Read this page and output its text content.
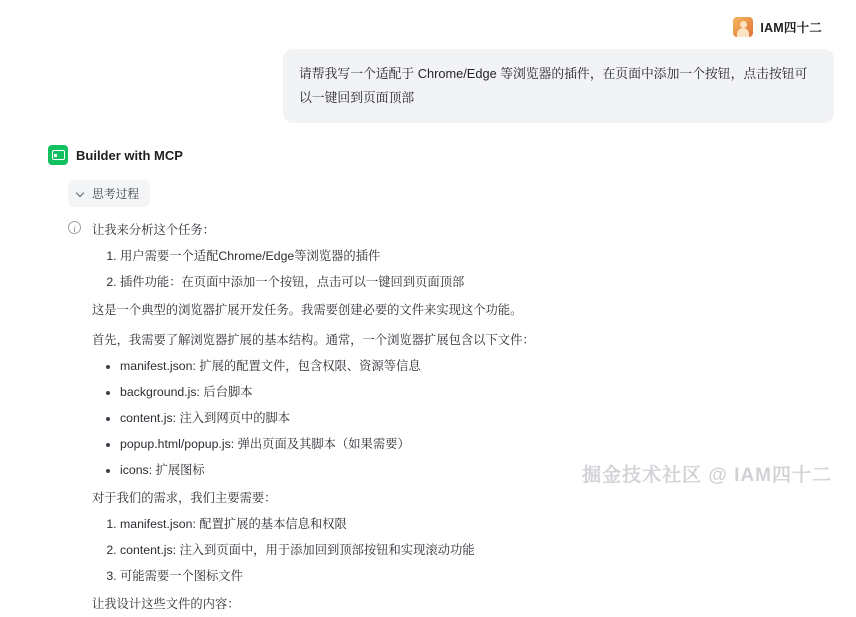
IAM四十二
请帮我写一个适配于 Chrome/Edge 等浏览器的插件，在页面中添加一个按钮，点击按钮可以一键回到页面顶部
Builder with MCP
思考过程
i

让我来分析这个任务：

1. 用户需要一个适配Chrome/Edge等浏览器的插件
2. 插件功能：在页面中添加一个按钮，点击可以一键回到页面顶部

这是一个典型的浏览器扩展开发任务。我需要创建必要的文件来实现这个功能。

首先，我需要了解浏览器扩展的基本结构。通常，一个浏览器扩展包含以下文件：

manifest.json: 扩展的配置文件，包含权限、资源等信息
background.js: 后台脚本
content.js: 注入到网页中的脚本
popup.html/popup.js: 弹出页面及其脚本（如果需要）
icons: 扩展图标

对于我们的需求，我们主要需要：

1. manifest.json: 配置扩展的基本信息和权限
2. content.js: 注入到页面中，用于添加回到顶部按钮和实现滚动功能
3. 可能需要一个图标文件

让我设计这些文件的内容：

掘金技术社区 @ IAM四十二
